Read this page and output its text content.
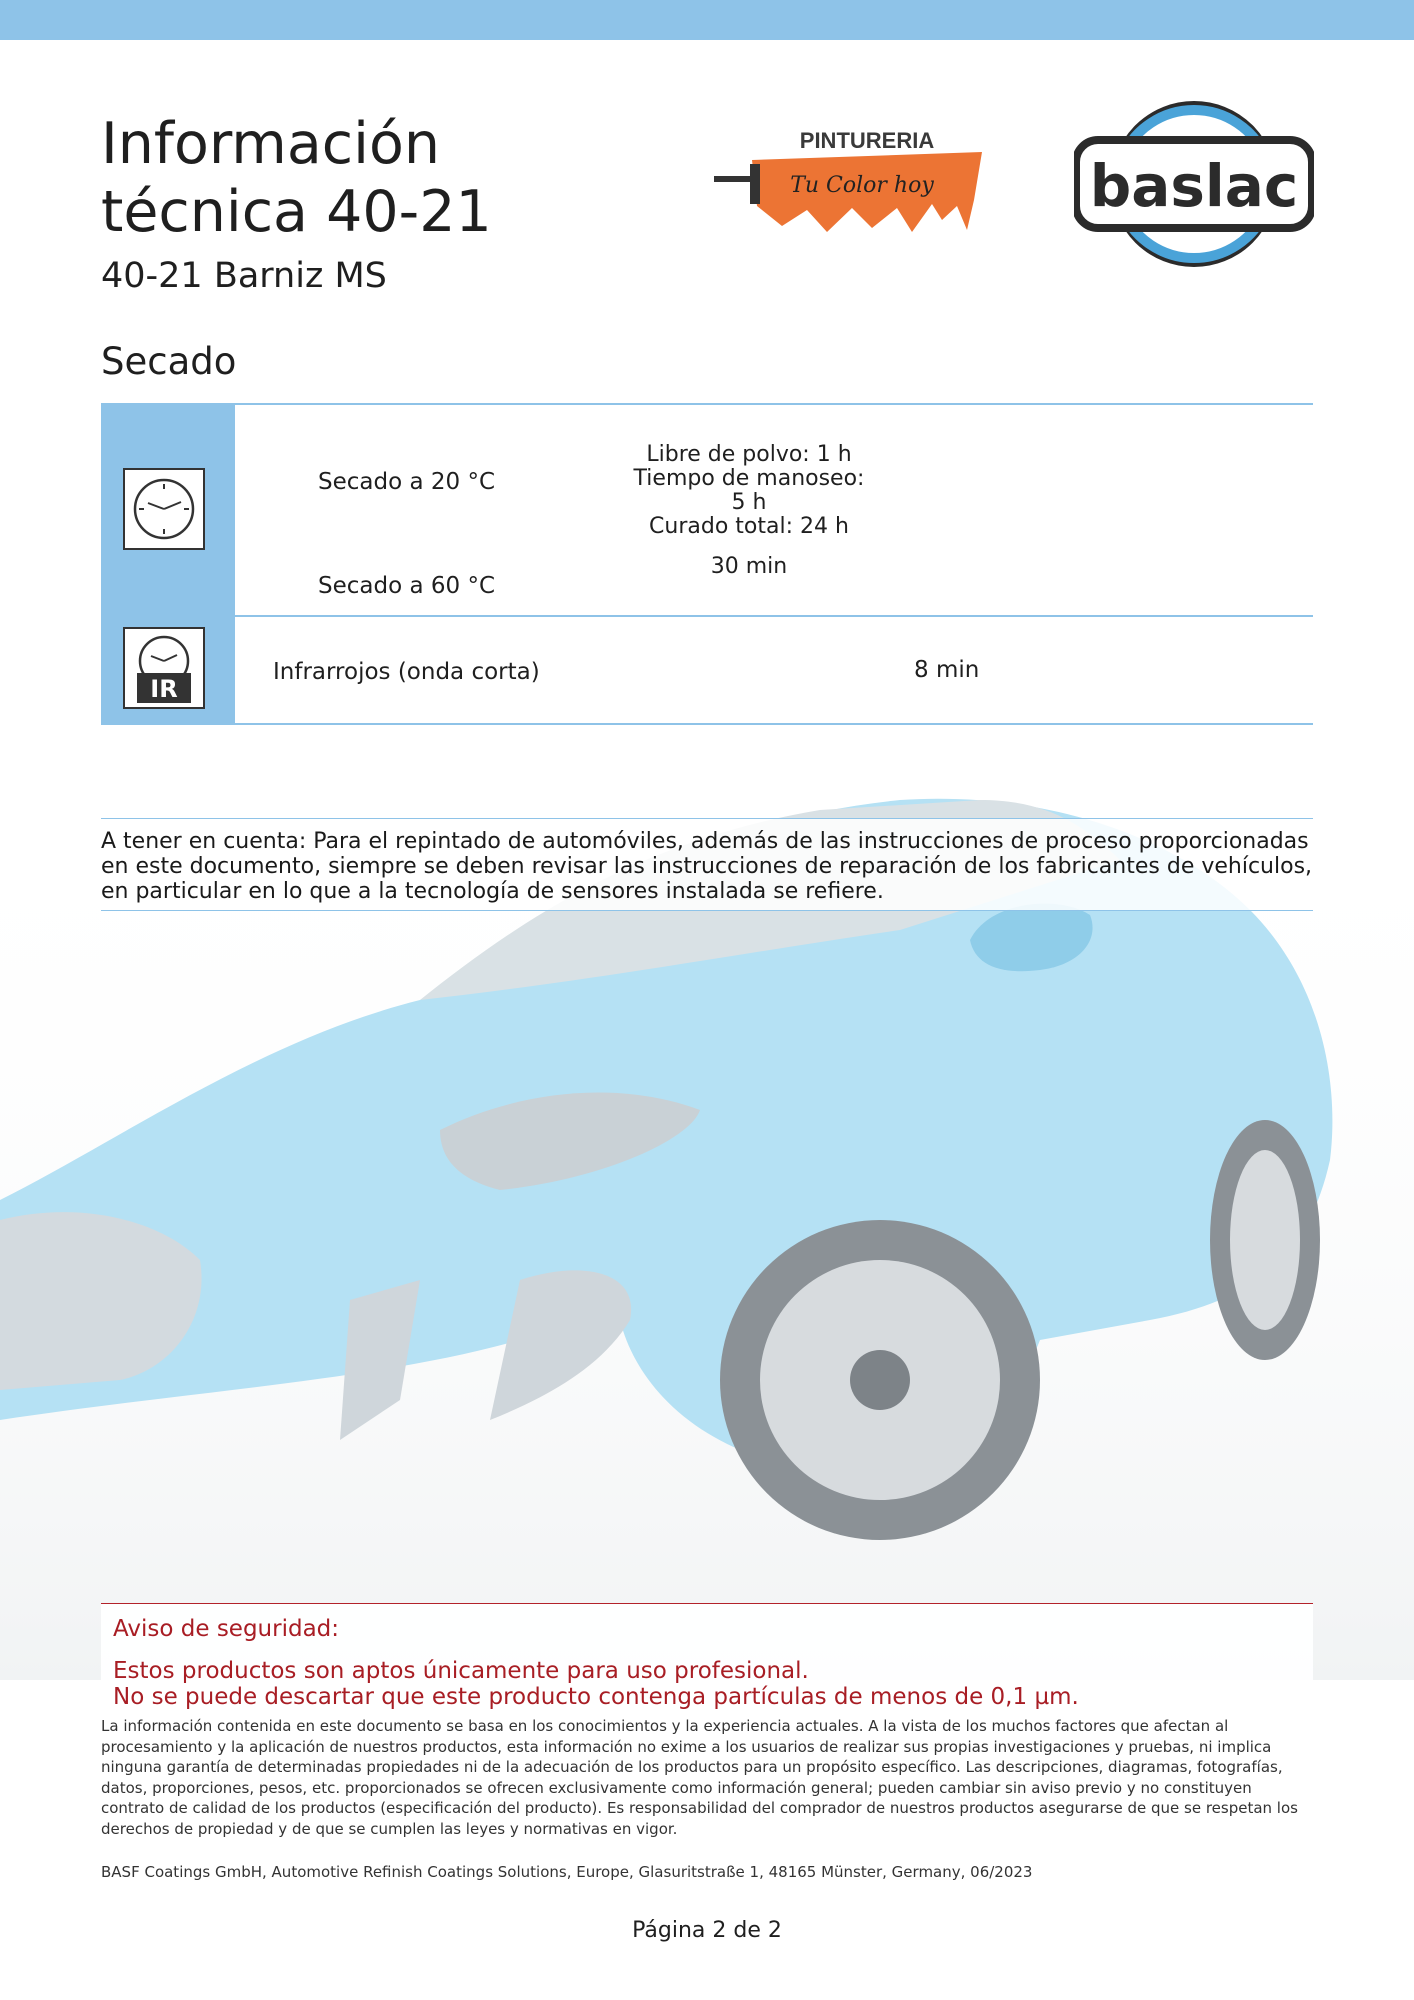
Información
técnica 40-21
40-21 Barniz MS
PINTURERIA
Tu Color hoy	baslac
Secado
Secado a 20 °C
Secado a 60 °C
Libre de polvo: 1 h
Tiempo de manoseo:
5 h
Curado total: 24 h
30 min
IR
Infrarrojos (onda corta)	8 min
A tener en cuenta: Para el repintado de automóviles, además de las instrucciones de proceso proporcionadas en este documento, siempre se deben revisar las instrucciones de reparación de los fabricantes de vehículos, en particular en lo que a la tecnología de sensores instalada se refiere.
Aviso de seguridad:
Estos productos son aptos únicamente para uso profesional.
No se puede descartar que este producto contenga partículas de menos de 0,1 µm.
La información contenida en este documento se basa en los conocimientos y la experiencia actuales. A la vista de los muchos factores que afectan al procesamiento y la aplicación de nuestros productos, esta información no exime a los usuarios de realizar sus propias investigaciones y pruebas, ni implica ninguna garantía de determinadas propiedades ni de la adecuación de los productos para un propósito específico. Las descripciones, diagramas, fotografías, datos, proporciones, pesos, etc. proporcionados se ofrecen exclusivamente como información general; pueden cambiar sin aviso previo y no constituyen contrato de calidad de los productos (especificación del producto). Es responsabilidad del comprador de nuestros productos asegurarse de que se respetan los derechos de propiedad y de que se cumplen las leyes y normativas en vigor.
BASF Coatings GmbH, Automotive Refinish Coatings Solutions, Europe, Glasuritstraße 1, 48165 Münster, Germany, 06/2023
Página 2 de 2
